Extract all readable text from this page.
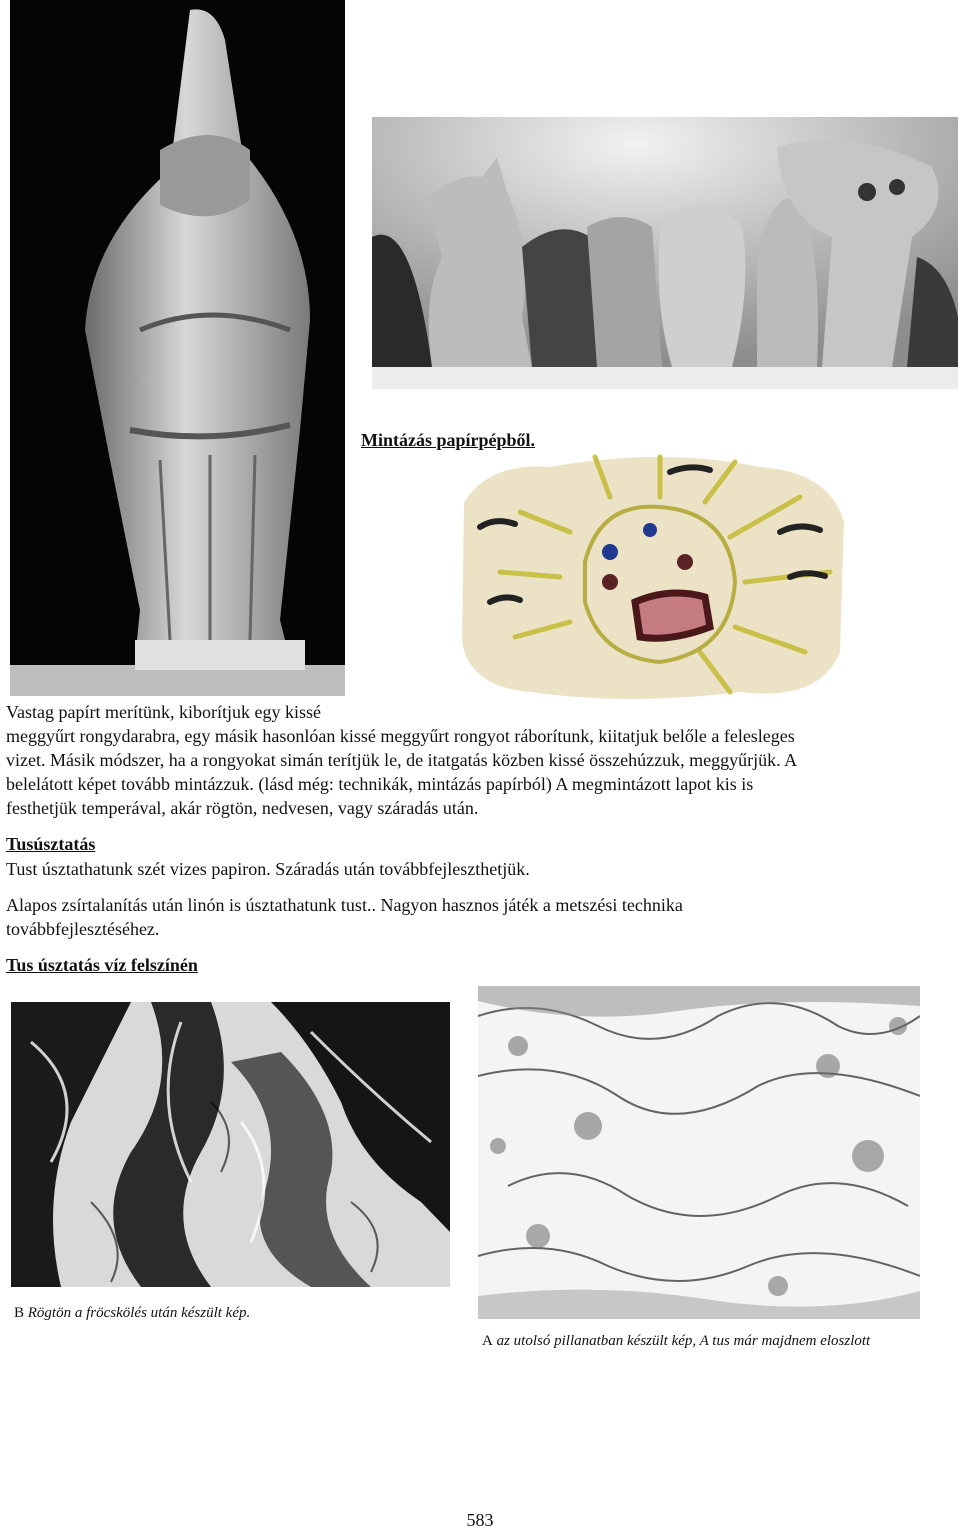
Mintázás papírpépből.
Vastag papírt merítünk, kiborítjuk egy kissé
meggyűrt rongydarabra, egy másik hasonlóan kissé meggyűrt rongyot ráborítunk, kiitatjuk belőle a felesleges
vizet. Másik módszer, ha a rongyokat simán terítjük le, de itatgatás közben kissé összehúzzuk, meggyűrjük. A
belelátott képet tovább mintázzuk. (lásd még: technikák, mintázás papírból) A megmintázott lapot kis is
festhetjük temperával, akár rögtön, nedvesen, vagy száradás után.
Tusúsztatás
Tust úsztathatunk szét vizes papiron. Száradás után továbbfejleszthetjük.
Alapos zsírtalanítás után linón is úsztathatunk tust.. Nagyon hasznos játék a metszési technika
továbbfejlesztéséhez.
Tus úsztatás víz felszínén
B Rögtön a fröcskölés után készült kép.
A az utolsó pillanatban készült kép, A tus már majdnem eloszlott
583
